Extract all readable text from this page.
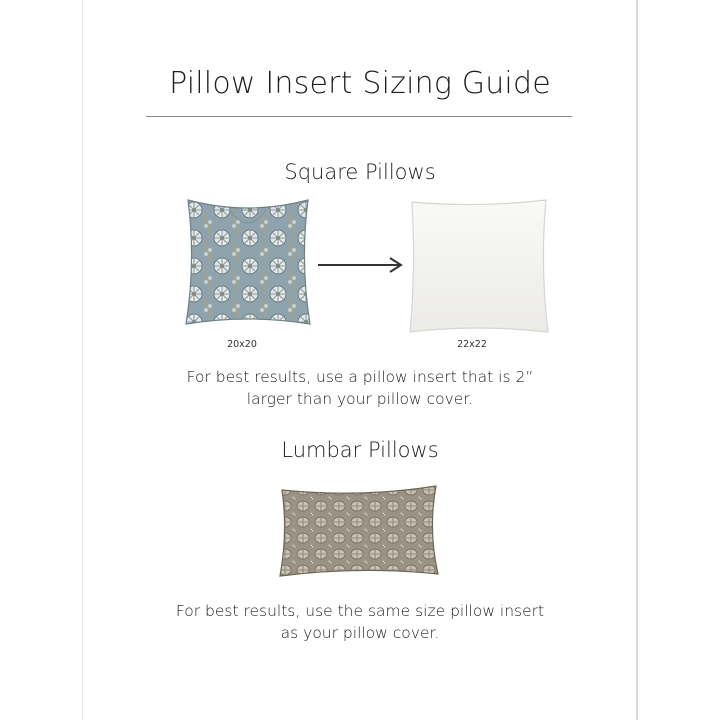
Pillow Insert Sizing Guide
Square Pillows
20x20	22x22
For best results, use a pillow insert that is 2”
larger than your pillow cover.
Lumbar Pillows
For best results, use the same size pillow insert
as your pillow cover.
